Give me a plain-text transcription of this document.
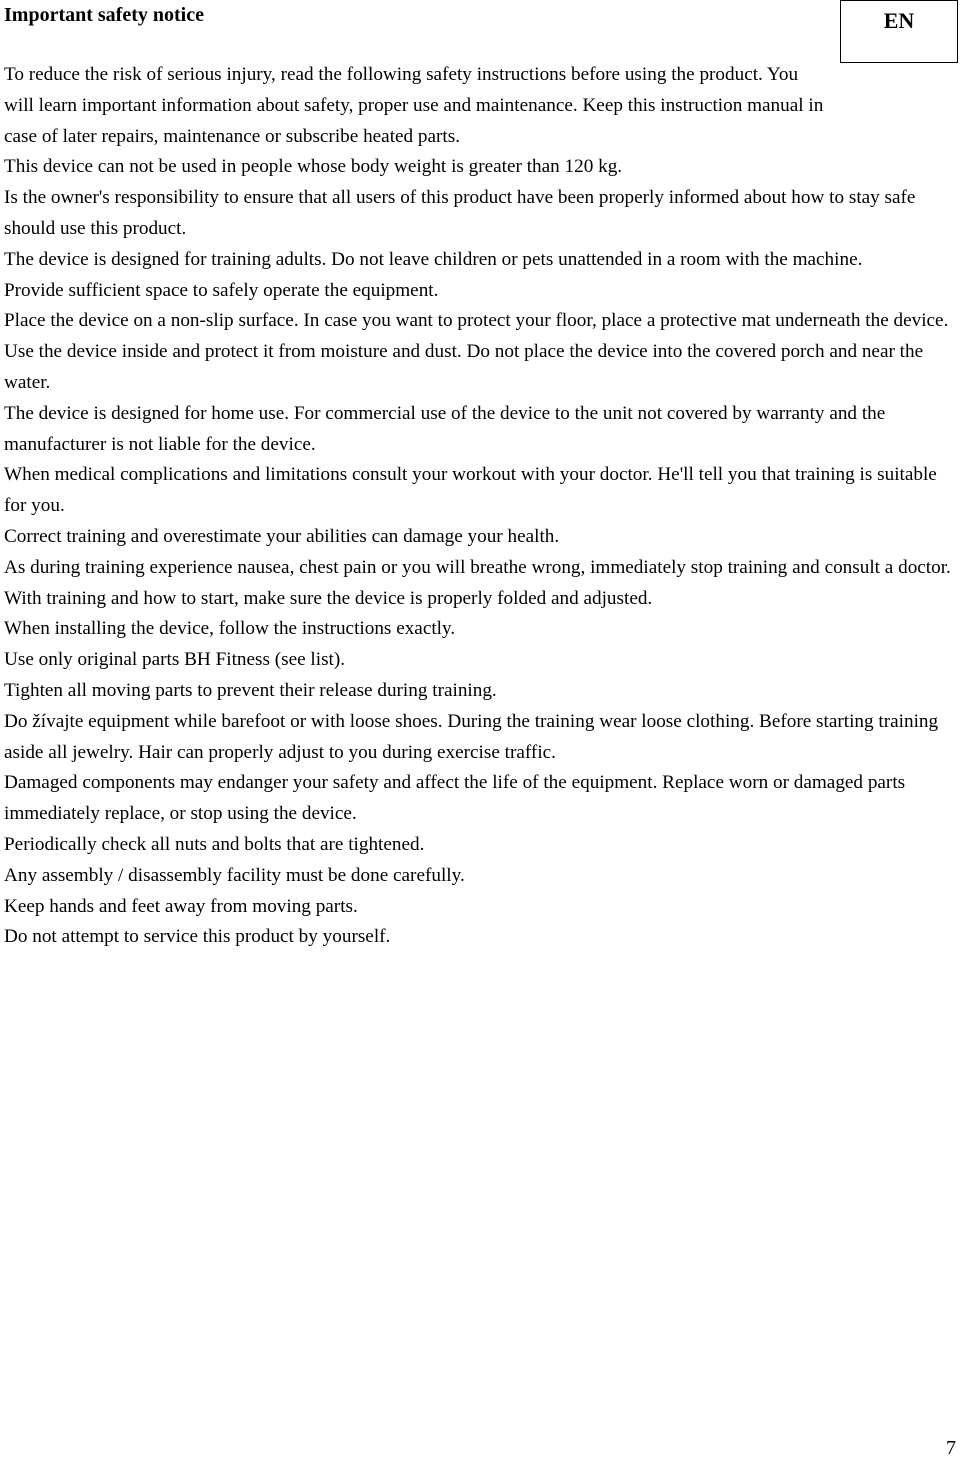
Important safety notice	EN

To reduce the risk of serious injury, read the following safety instructions before using the product. You will learn important information about safety, proper use and maintenance. Keep this instruction manual in case of later repairs, maintenance or subscribe heated parts.

This device can not be used in people whose body weight is greater than 120 kg.

Is the owner's responsibility to ensure that all users of this product have been properly informed about how to stay safe should use this product.

The device is designed for training adults. Do not leave children or pets unattended in a room with the machine.

Provide sufficient space to safely operate the equipment.

Place the device on a non-slip surface. In case you want to protect your floor, place a protective mat underneath the device.

Use the device inside and protect it from moisture and dust. Do not place the device into the covered porch and near the water.

The device is designed for home use. For commercial use of the device to the unit not covered by warranty and the manufacturer is not liable for the device.

When medical complications and limitations consult your workout with your doctor. He'll tell you that training is suitable for you.

Correct training and overestimate your abilities can damage your health.

As during training experience nausea, chest pain or you will breathe wrong, immediately stop training and consult a doctor.

With training and how to start, make sure the device is properly folded and adjusted.

When installing the device, follow the instructions exactly.

Use only original parts BH Fitness (see list).

Tighten all moving parts to prevent their release during training.

Do žívajte equipment while barefoot or with loose shoes. During the training wear loose clothing. Before starting training aside all jewelry. Hair can properly adjust to you during exercise traffic.

Damaged components may endanger your safety and affect the life of the equipment. Replace worn or damaged parts immediately replace, or stop using the device.

Periodically check all nuts and bolts that are tightened.

Any assembly / disassembly facility must be done carefully.

Keep hands and feet away from moving parts.

Do not attempt to service this product by yourself.

7
